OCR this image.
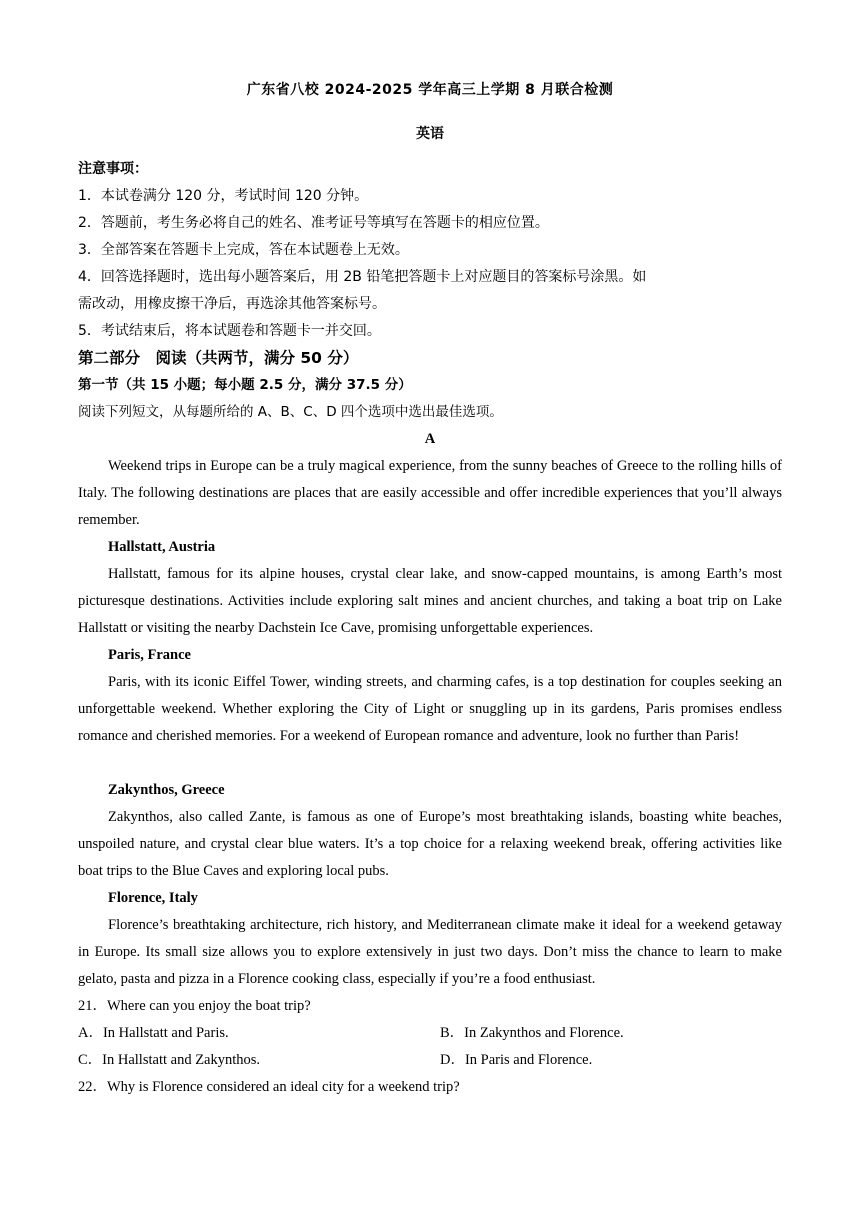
广东省八校 2024-2025 学年高三上学期 8 月联合检测
英语
注意事项：
1．本试卷满分 120 分，考试时间 120 分钟。
2．答题前，考生务必将自己的姓名、准考证号等填写在答题卡的相应位置。
3．全部答案在答题卡上完成，答在本试题卷上无效。
4．回答选择题时，选出每小题答案后，用 2B 铅笔把答题卡上对应题目的答案标号涂黑。如
需改动，用橡皮擦干净后，再选涂其他答案标号。
5．考试结束后，将本试题卷和答题卡一并交回。
第二部分　阅读（共两节，满分 50 分）
第一节（共 15 小题；每小题 2.5 分，满分 37.5 分）
阅读下列短文，从每题所给的 A、B、C、D 四个选项中选出最佳选项。
A
Weekend trips in Europe can be a truly magical experience, from the sunny beaches of Greece to the rolling hills of Italy. The following destinations are places that are easily accessible and offer incredible experiences that you’ll always remember.
Hallstatt, Austria
Hallstatt, famous for its alpine houses, crystal clear lake, and snow-capped mountains, is among Earth’s most picturesque destinations. Activities include exploring salt mines and ancient churches, and taking a boat trip on Lake Hallstatt or visiting the nearby Dachstein Ice Cave, promising unforgettable experiences.
Paris, France
Paris, with its iconic Eiffel Tower, winding streets, and charming cafes, is a top destination for couples seeking an unforgettable weekend. Whether exploring the City of Light or snuggling up in its gardens, Paris promises endless romance and cherished memories. For a weekend of European romance and adventure, look no further than Paris!
Zakynthos, Greece
Zakynthos, also called Zante, is famous as one of Europe’s most breathtaking islands, boasting white beaches, unspoiled nature, and crystal clear blue waters. It’s a top choice for a relaxing weekend break, offering activities like boat trips to the Blue Caves and exploring local pubs.
Florence, Italy
Florence’s breathtaking architecture, rich history, and Mediterranean climate make it ideal for a weekend getaway in Europe. Its small size allows you to explore extensively in just two days. Don’t miss the chance to learn to make gelato, pasta and pizza in a Florence cooking class, especially if you’re a food enthusiast.
21．Where can you enjoy the boat trip?
A．In Hallstatt and Paris.	B．In Zakynthos and Florence.
C．In Hallstatt and Zakynthos.	D．In Paris and Florence.
22．Why is Florence considered an ideal city for a weekend trip?
